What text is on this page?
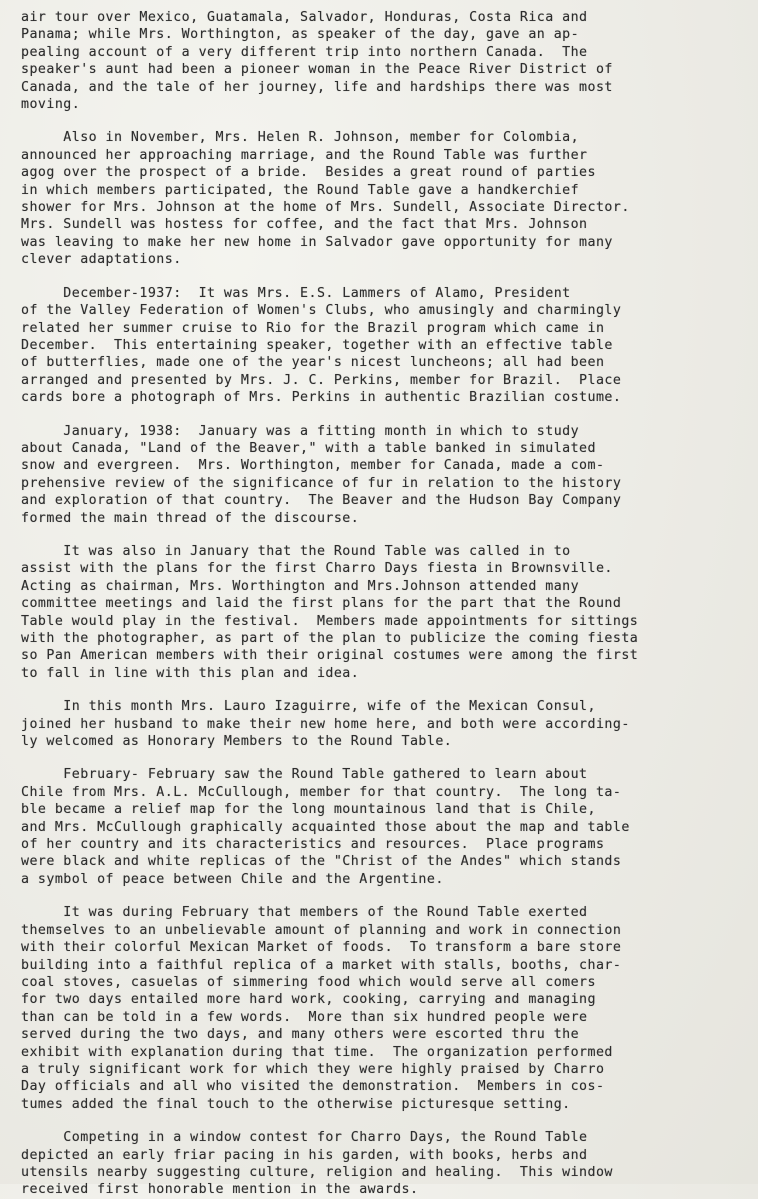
air tour over Mexico, Guatamala, Salvador, Honduras, Costa Rica and
Panama; while Mrs. Worthington, as speaker of the day, gave an ap-
pealing account of a very different trip into northern Canada.  The
speaker's aunt had been a pioneer woman in the Peace River District of
Canada, and the tale of her journey, life and hardships there was most
moving.

Also in November, Mrs. Helen R. Johnson, member for Colombia,
announced her approaching marriage, and the Round Table was further
agog over the prospect of a bride.  Besides a great round of parties
in which members participated, the Round Table gave a handkerchief
shower for Mrs. Johnson at the home of Mrs. Sundell, Associate Director.
Mrs. Sundell was hostess for coffee, and the fact that Mrs. Johnson
was leaving to make her new home in Salvador gave opportunity for many
clever adaptations.

December-1937:  It was Mrs. E.S. Lammers of Alamo, President
of the Valley Federation of Women's Clubs, who amusingly and charmingly
related her summer cruise to Rio for the Brazil program which came in
December.  This entertaining speaker, together with an effective table
of butterflies, made one of the year's nicest luncheons; all had been
arranged and presented by Mrs. J. C. Perkins, member for Brazil.  Place
cards bore a photograph of Mrs. Perkins in authentic Brazilian costume.

January, 1938:  January was a fitting month in which to study
about Canada, "Land of the Beaver," with a table banked in simulated
snow and evergreen.  Mrs. Worthington, member for Canada, made a com-
prehensive review of the significance of fur in relation to the history
and exploration of that country.  The Beaver and the Hudson Bay Company
formed the main thread of the discourse.

It was also in January that the Round Table was called in to
assist with the plans for the first Charro Days fiesta in Brownsville.
Acting as chairman, Mrs. Worthington and Mrs.Johnson attended many
committee meetings and laid the first plans for the part that the Round
Table would play in the festival.  Members made appointments for sittings
with the photographer, as part of the plan to publicize the coming fiesta
so Pan American members with their original costumes were among the first
to fall in line with this plan and idea.

In this month Mrs. Lauro Izaguirre, wife of the Mexican Consul,
joined her husband to make their new home here, and both were according-
ly welcomed as Honorary Members to the Round Table.

February- February saw the Round Table gathered to learn about
Chile from Mrs. A.L. McCullough, member for that country.  The long ta-
ble became a relief map for the long mountainous land that is Chile,
and Mrs. McCullough graphically acquainted those about the map and table
of her country and its characteristics and resources.  Place programs
were black and white replicas of the "Christ of the Andes" which stands
a symbol of peace between Chile and the Argentine.

It was during February that members of the Round Table exerted
themselves to an unbelievable amount of planning and work in connection
with their colorful Mexican Market of foods.  To transform a bare store
building into a faithful replica of a market with stalls, booths, char-
coal stoves, casuelas of simmering food which would serve all comers
for two days entailed more hard work, cooking, carrying and managing
than can be told in a few words.  More than six hundred people were
served during the two days, and many others were escorted thru the
exhibit with explanation during that time.  The organization performed
a truly significant work for which they were highly praised by Charro
Day officials and all who visited the demonstration.  Members in cos-
tumes added the final touch to the otherwise picturesque setting.

Competing in a window contest for Charro Days, the Round Table
depicted an early friar pacing in his garden, with books, herbs and
utensils nearby suggesting culture, religion and healing.  This window
received first honorable mention in the awards.
